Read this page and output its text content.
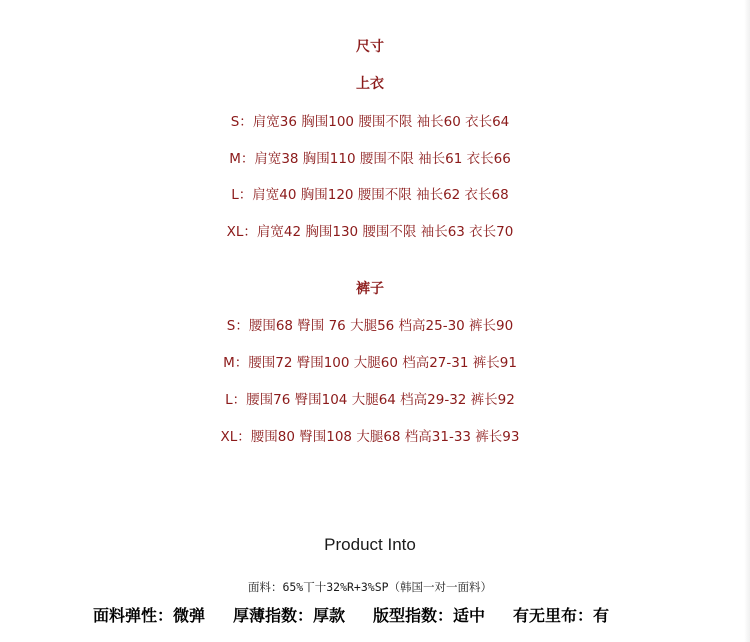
尺寸
上衣
S：肩宽36 胸围100 腰围不限 袖长60 衣长64
M：肩宽38 胸围110 腰围不限 袖长61 衣长66
L：肩宽40 胸围120 腰围不限 袖长62 衣长68
XL：肩宽42 胸围130 腰围不限 袖长63 衣长70
裤子
S：腰围68 臀围 76 大腿56 档高25-30 裤长90
M：腰围72 臀围100 大腿60 档高27-31 裤长91
L：腰围76 臀围104 大腿64 档高29-32 裤长92
XL：腰围80 臀围108 大腿68 档高31-33 裤长93
Product Into
面料：65%丅十32%R+3%SP（韩国一对一面料）
面料弹性：微弹 厚薄指数：厚款 版型指数：适中 有无里布：有
